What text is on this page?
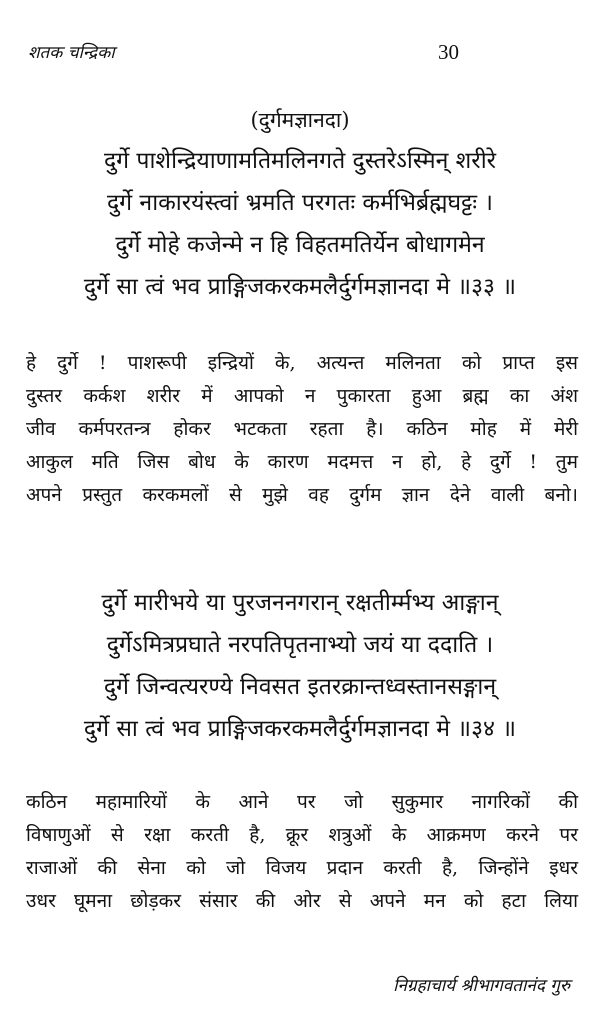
शतक चन्द्रिका	30
(दुर्गमज्ञानदा)
दुर्गे पाशेन्द्रियाणामतिमलिनगते दुस्तरेऽस्मिन् शरीरे
दुर्गे नाकारयंस्त्वां भ्रमति परगतः कर्मभिर्ब्रह्मघट्टः ।
दुर्गे मोहे कजेन्मे न हि विहतमतिर्येन बोधागमेन
दुर्गे सा त्वं भव प्राङ्गिजकरकमलैर्दुर्गमज्ञानदा मे ॥३३ ॥
हे दुर्गे ! पाशरूपी इन्द्रियों के, अत्यन्त मलिनता को प्राप्त इस
दुस्तर कर्कश शरीर में आपको न पुकारता हुआ ब्रह्म का अंश
जीव कर्मपरतन्त्र होकर भटकता रहता है। कठिन मोह में मेरी
आकुल मति जिस बोध के कारण मदमत्त न हो, हे दुर्गे ! तुम
अपने प्रस्तुत करकमलों से मुझे वह दुर्गम ज्ञान देने वाली बनो।
दुर्गे मारीभये या पुरजननगरान् रक्षतीर्म्मभ्य आङ्गान्
दुर्गेऽमित्रप्रघाते नरपतिपृतनाभ्यो जयं या ददाति ।
दुर्गे जिन्वत्यरण्ये निवसत इतरक्रान्तध्वस्तानसङ्गान्
दुर्गे सा त्वं भव प्राङ्गिजकरकमलैर्दुर्गमज्ञानदा मे ॥३४ ॥
कठिन महामारियों के आने पर जो सुकुमार नागरिकों की
विषाणुओं से रक्षा करती है, क्रूर शत्रुओं के आक्रमण करने पर
राजाओं की सेना को जो विजय प्रदान करती है, जिन्होंने इधर
उधर घूमना छोड़कर संसार की ओर से अपने मन को हटा लिया
निग्रहाचार्य श्रीभागवतानंद गुरु
